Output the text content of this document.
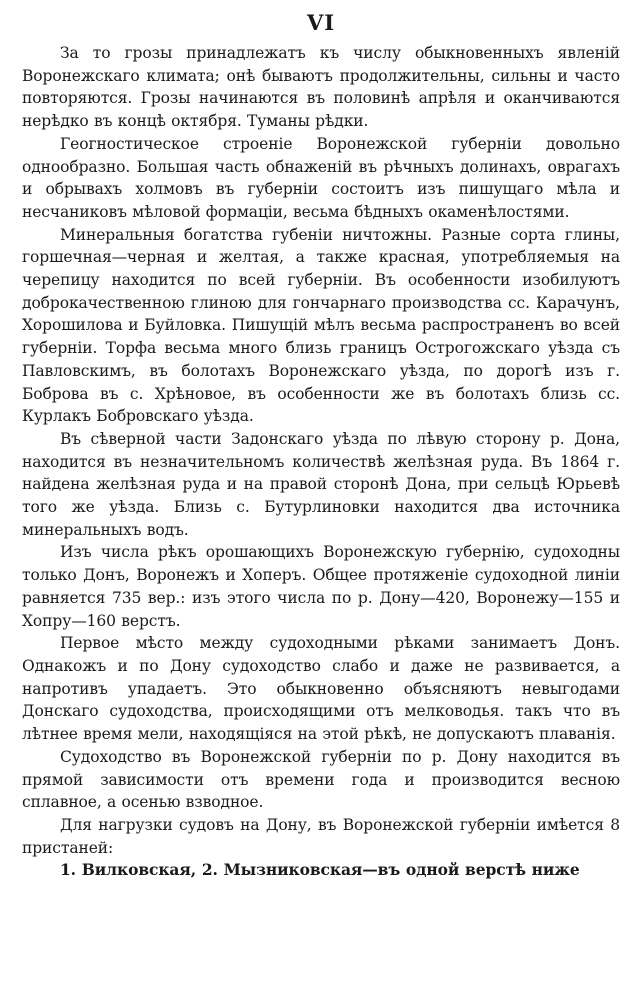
VI

За то грозы принадлежатъ къ числу обыкновенныхъ явленій Воронежскаго климата; онѣ бываютъ продолжительны, сильны и часто повторяются. Грозы начинаются въ половинѣ апрѣля и оканчиваются нерѣдко въ концѣ октября. Туманы рѣдки.

Геогностическое строеніе Воронежской губерніи довольно однообразно. Большая часть обнаженій въ рѣчныхъ долинахъ, оврагахъ и обрывахъ холмовъ въ губерніи состоитъ изъ пишущаго мѣла и несчаниковъ мѣловой формаціи, весьма бѣдныхъ окаменѣлостями.

Минеральныя богатства губеніи ничтожны. Разные сорта глины, горшечная—черная и желтая, а также красная, употребляемыя на черепицу находится по всей губерніи. Въ особенности изобилуютъ доброкачественною глиною для гончарнаго производства сс. Карачунъ, Хорошилова и Буйловка. Пишущій мѣлъ весьма распространенъ во всей губерніи. Торфа весьма много близь границъ Острогожскаго уѣзда съ Павловскимъ, въ болотахъ Воронежскаго уѣзда, по дорогѣ изъ г. Боброва въ с. Хрѣновое, въ особенности же въ болотахъ близь сс. Курлакъ Бобровскаго уѣзда.

Въ сѣверной части Задонскаго уѣзда по лѣвую сторону р. Дона, находится въ незначительномъ количествѣ желѣзная руда. Въ 1864 г. найдена желѣзная руда и на правой сторонѣ Дона, при сельцѣ Юрьевѣ того же уѣзда. Близь с. Бутурлиновки находится два источника минеральныхъ водъ.

Изъ числа рѣкъ орошающихъ Воронежскую губернію, судоходны только Донъ, Воронежъ и Хоперъ. Общее протяженіе судоходной линіи равняется 735 вер.: изъ этого числа по р. Дону—420, Воронежу—155 и Хопру—160 верстъ.

Первое мѣсто между судоходными рѣками занимаетъ Донъ. Однакожъ и по Дону судоходство слабо и даже не развивается, а напротивъ упадаетъ. Это обыкновенно объясняютъ невыгодами Донскаго судоходства, происходящими отъ мелководья. такъ что въ лѣтнее время мели, находящіяся на этой рѣкѣ, не допускаютъ плаванія.

Судоходство въ Воронежской губерніи по р. Дону находится въ прямой зависимости отъ времени года и производится весною сплавное, а осенью взводное.

Для нагрузки судовъ на Дону, въ Воронежской губерніи имѣется 8 пристаней:

1. Вилковская, 2. Мызниковская—въ одной верстѣ ниже
